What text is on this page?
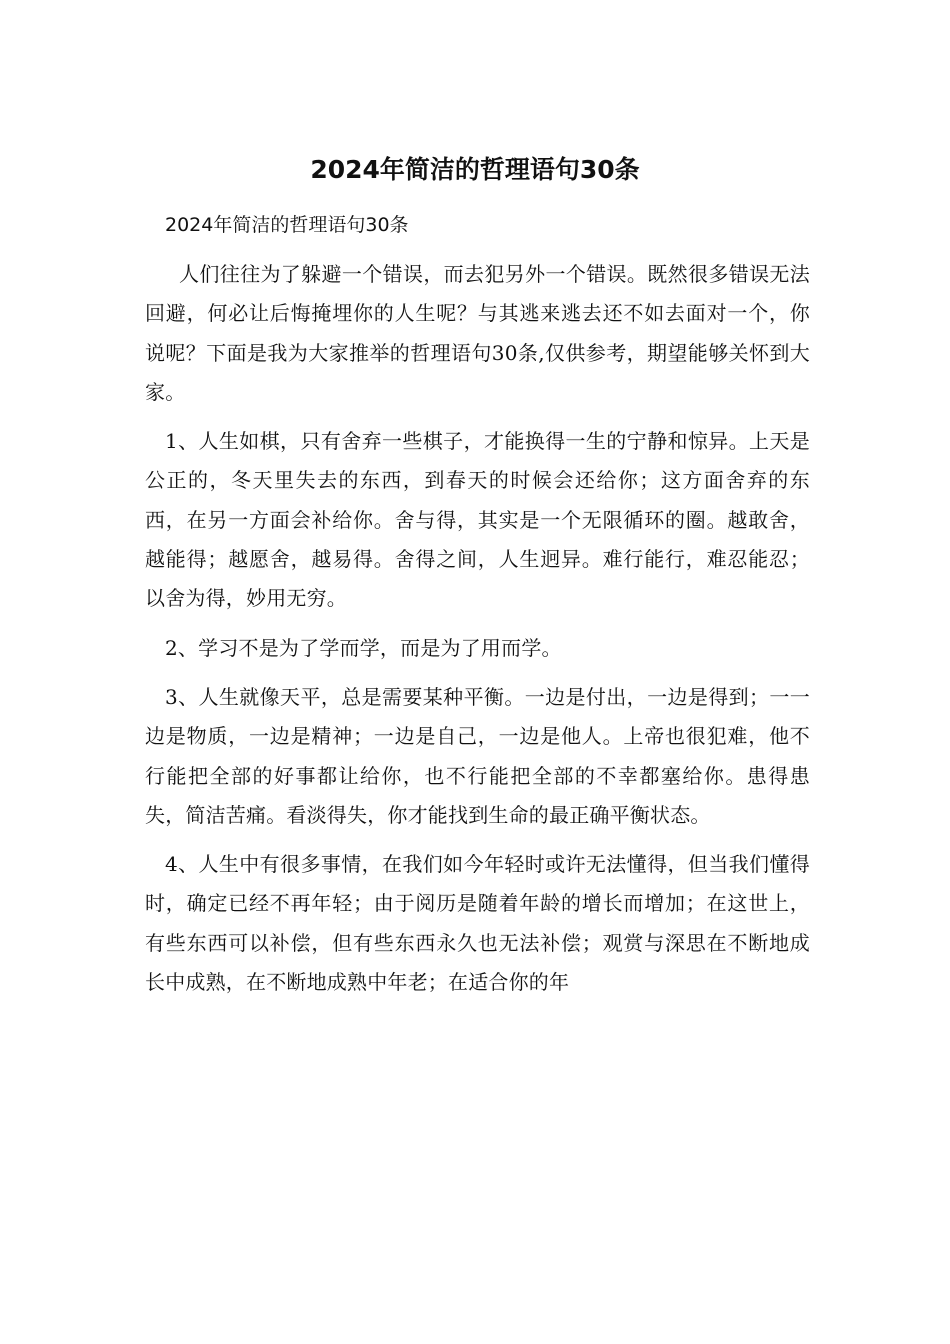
2024年简洁的哲理语句30条

2024年简洁的哲理语句30条

人们往往为了躲避一个错误，而去犯另外一个错误。既然很多错误无法回避，何必让后悔掩埋你的人生呢？与其逃来逃去还不如去面对一个，你说呢？下面是我为大家推举的哲理语句30条,仅供参考，期望能够关怀到大家。

1、人生如棋，只有舍弃一些棋子，才能换得一生的宁静和惊异。上天是公正的，冬天里失去的东西，到春天的时候会还给你；这方面舍弃的东西，在另一方面会补给你。舍与得，其实是一个无限循环的圈。越敢舍，越能得；越愿舍，越易得。舍得之间，人生迥异。难行能行，难忍能忍；以舍为得，妙用无穷。

2、学习不是为了学而学，而是为了用而学。

3、人生就像天平，总是需要某种平衡。一边是付出，一边是得到；一一边是物质，一边是精神；一边是自己，一边是他人。上帝也很犯难，他不行能把全部的好事都让给你，也不行能把全部的不幸都塞给你。患得患失，简洁苦痛。看淡得失，你才能找到生命的最正确平衡状态。

4、人生中有很多事情，在我们如今年轻时或许无法懂得，但当我们懂得时，确定已经不再年轻；由于阅历是随着年龄的增长而增加；在这世上，有些东西可以补偿，但有些东西永久也无法补偿；观赏与深思在不断地成长中成熟，在不断地成熟中年老；在适合你的年
